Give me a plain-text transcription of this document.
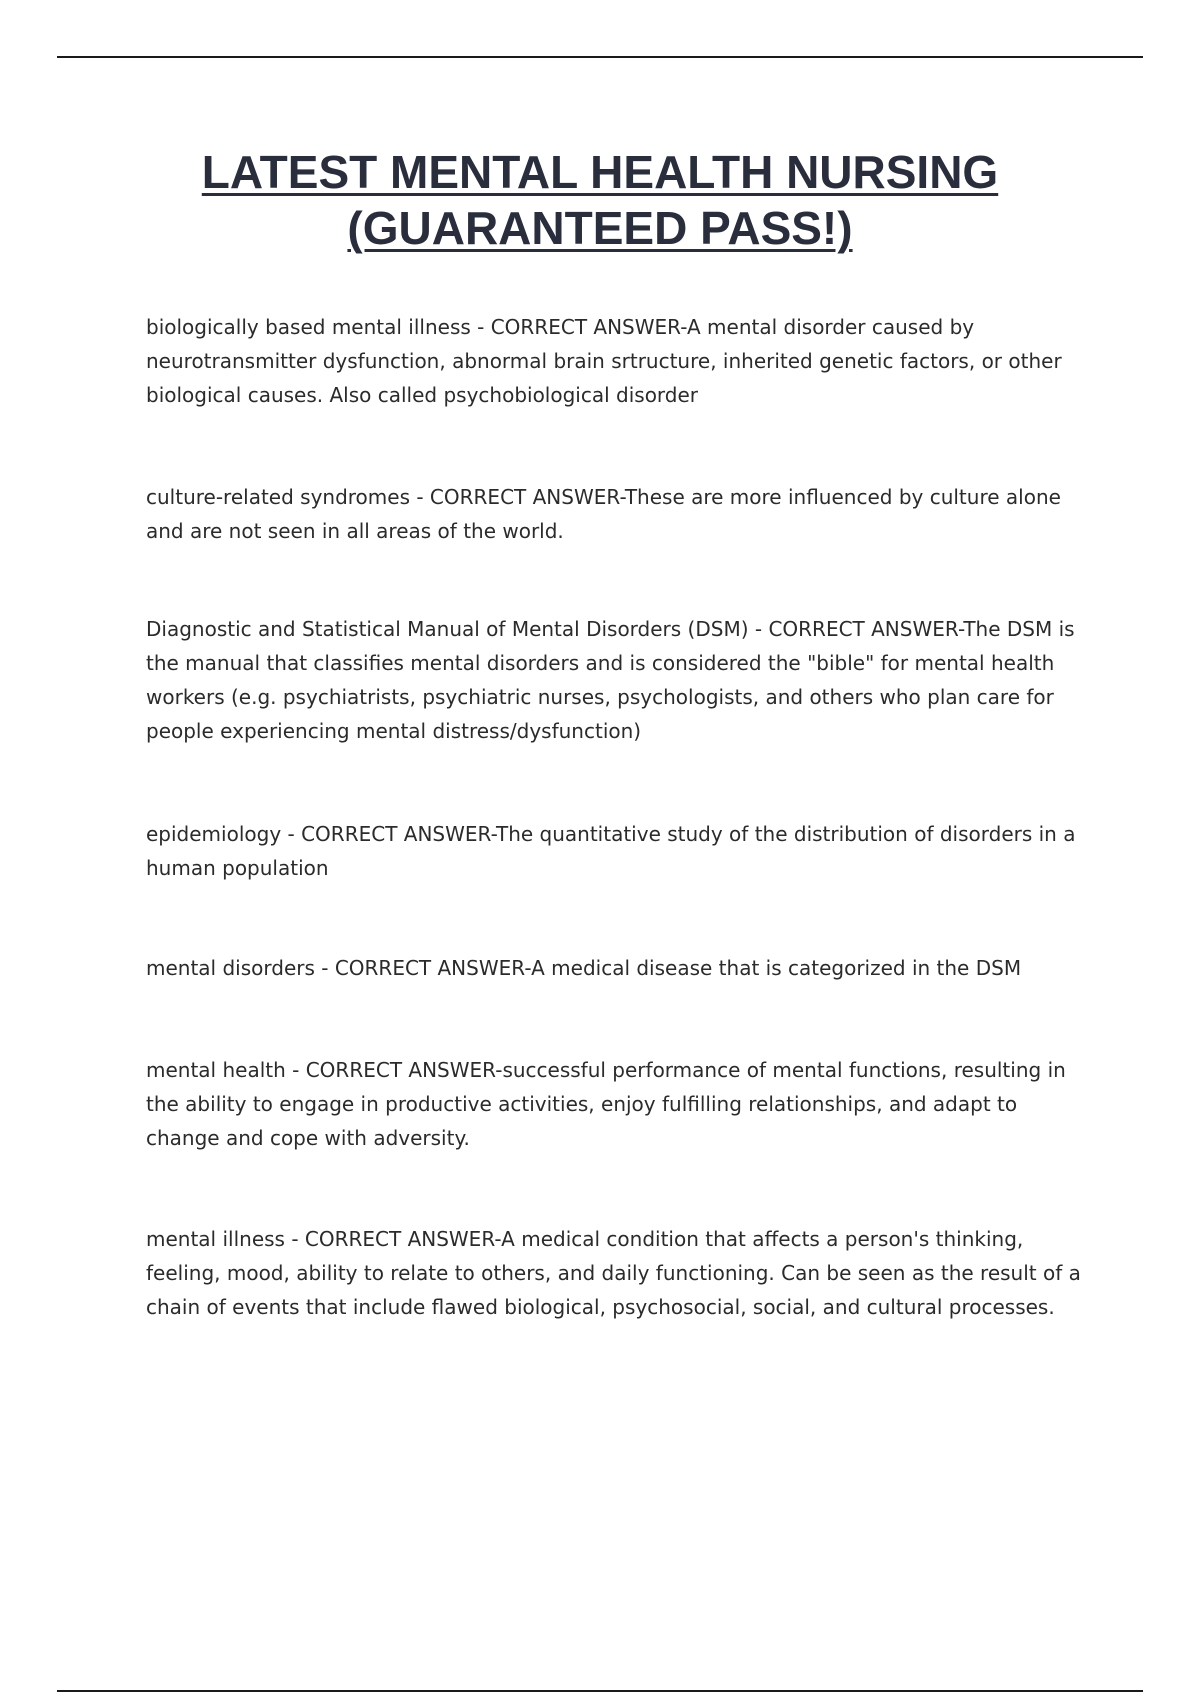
LATEST MENTAL HEALTH NURSING
(GUARANTEED PASS!)
biologically based mental illness - CORRECT ANSWER-A mental disorder caused by neurotransmitter dysfunction, abnormal brain srtructure, inherited genetic factors, or other biological causes. Also called psychobiological disorder
culture-related syndromes - CORRECT ANSWER-These are more influenced by culture alone and are not seen in all areas of the world.
Diagnostic and Statistical Manual of Mental Disorders (DSM) - CORRECT ANSWER-The DSM is the manual that classifies mental disorders and is considered the "bible" for mental health workers (e.g. psychiatrists, psychiatric nurses, psychologists, and others who plan care for people experiencing mental distress/dysfunction)
epidemiology - CORRECT ANSWER-The quantitative study of the distribution of disorders in a human population
mental disorders - CORRECT ANSWER-A medical disease that is categorized in the DSM
mental health - CORRECT ANSWER-successful performance of mental functions, resulting in the ability to engage in productive activities, enjoy fulfilling relationships, and adapt to change and cope with adversity.
mental illness - CORRECT ANSWER-A medical condition that affects a person's thinking, feeling, mood, ability to relate to others, and daily functioning. Can be seen as the result of a chain of events that include flawed biological, psychosocial, social, and cultural processes.
